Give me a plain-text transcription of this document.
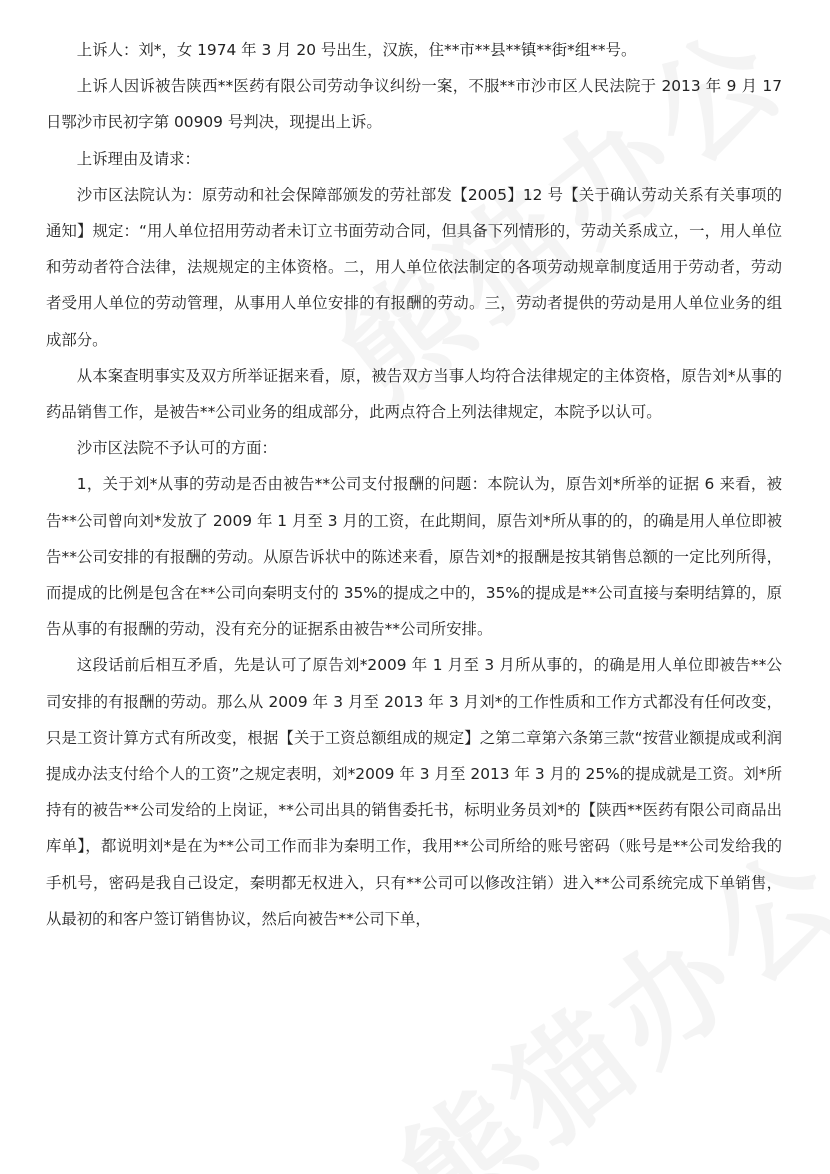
上诉人：刘*，女 1974 年 3 月 20 号出生，汉族，住**市**县**镇**街*组**号。

上诉人因诉被告陕西**医药有限公司劳动争议纠纷一案，不服**市沙市区人民法院于 2013 年 9 月 17 日鄂沙市民初字第 00909 号判决，现提出上诉。

上诉理由及请求：

沙市区法院认为：原劳动和社会保障部颁发的劳社部发【2005】12 号【关于确认劳动关系有关事项的通知】规定：“用人单位招用劳动者未订立书面劳动合同，但具备下列情形的，劳动关系成立，一，用人单位和劳动者符合法律，法规规定的主体资格。二，用人单位依法制定的各项劳动规章制度适用于劳动者，劳动者受用人单位的劳动管理，从事用人单位安排的有报酬的劳动。三，劳动者提供的劳动是用人单位业务的组成部分。

从本案查明事实及双方所举证据来看，原，被告双方当事人均符合法律规定的主体资格，原告刘*从事的药品销售工作，是被告**公司业务的组成部分，此两点符合上列法律规定，本院予以认可。

沙市区法院不予认可的方面：

1，关于刘*从事的劳动是否由被告**公司支付报酬的问题：本院认为，原告刘*所举的证据 6 来看，被告**公司曾向刘*发放了 2009 年 1 月至 3 月的工资，在此期间，原告刘*所从事的的，的确是用人单位即被告**公司安排的有报酬的劳动。从原告诉状中的陈述来看，原告刘*的报酬是按其销售总额的一定比列所得，而提成的比例是包含在**公司向秦明支付的 35%的提成之中的，35%的提成是**公司直接与秦明结算的，原告从事的有报酬的劳动，没有充分的证据系由被告**公司所安排。

这段话前后相互矛盾，先是认可了原告刘*2009 年 1 月至 3 月所从事的，的确是用人单位即被告**公司安排的有报酬的劳动。那么从 2009 年 3 月至 2013 年 3 月刘*的工作性质和工作方式都没有任何改变，只是工资计算方式有所改变，根据【关于工资总额组成的规定】之第二章第六条第三款“按营业额提成或利润提成办法支付给个人的工资”之规定表明，刘*2009 年 3 月至 2013 年 3 月的 25%的提成就是工资。刘*所持有的被告**公司发给的上岗证，**公司出具的销售委托书，标明业务员刘*的【陕西**医药有限公司商品出库单】，都说明刘*是在为**公司工作而非为秦明工作，我用**公司所给的账号密码（账号是**公司发给我的手机号，密码是我自己设定，秦明都无权进入，只有**公司可以修改注销）进入**公司系统完成下单销售，从最初的和客户签订销售协议，然后向被告**公司下单，
